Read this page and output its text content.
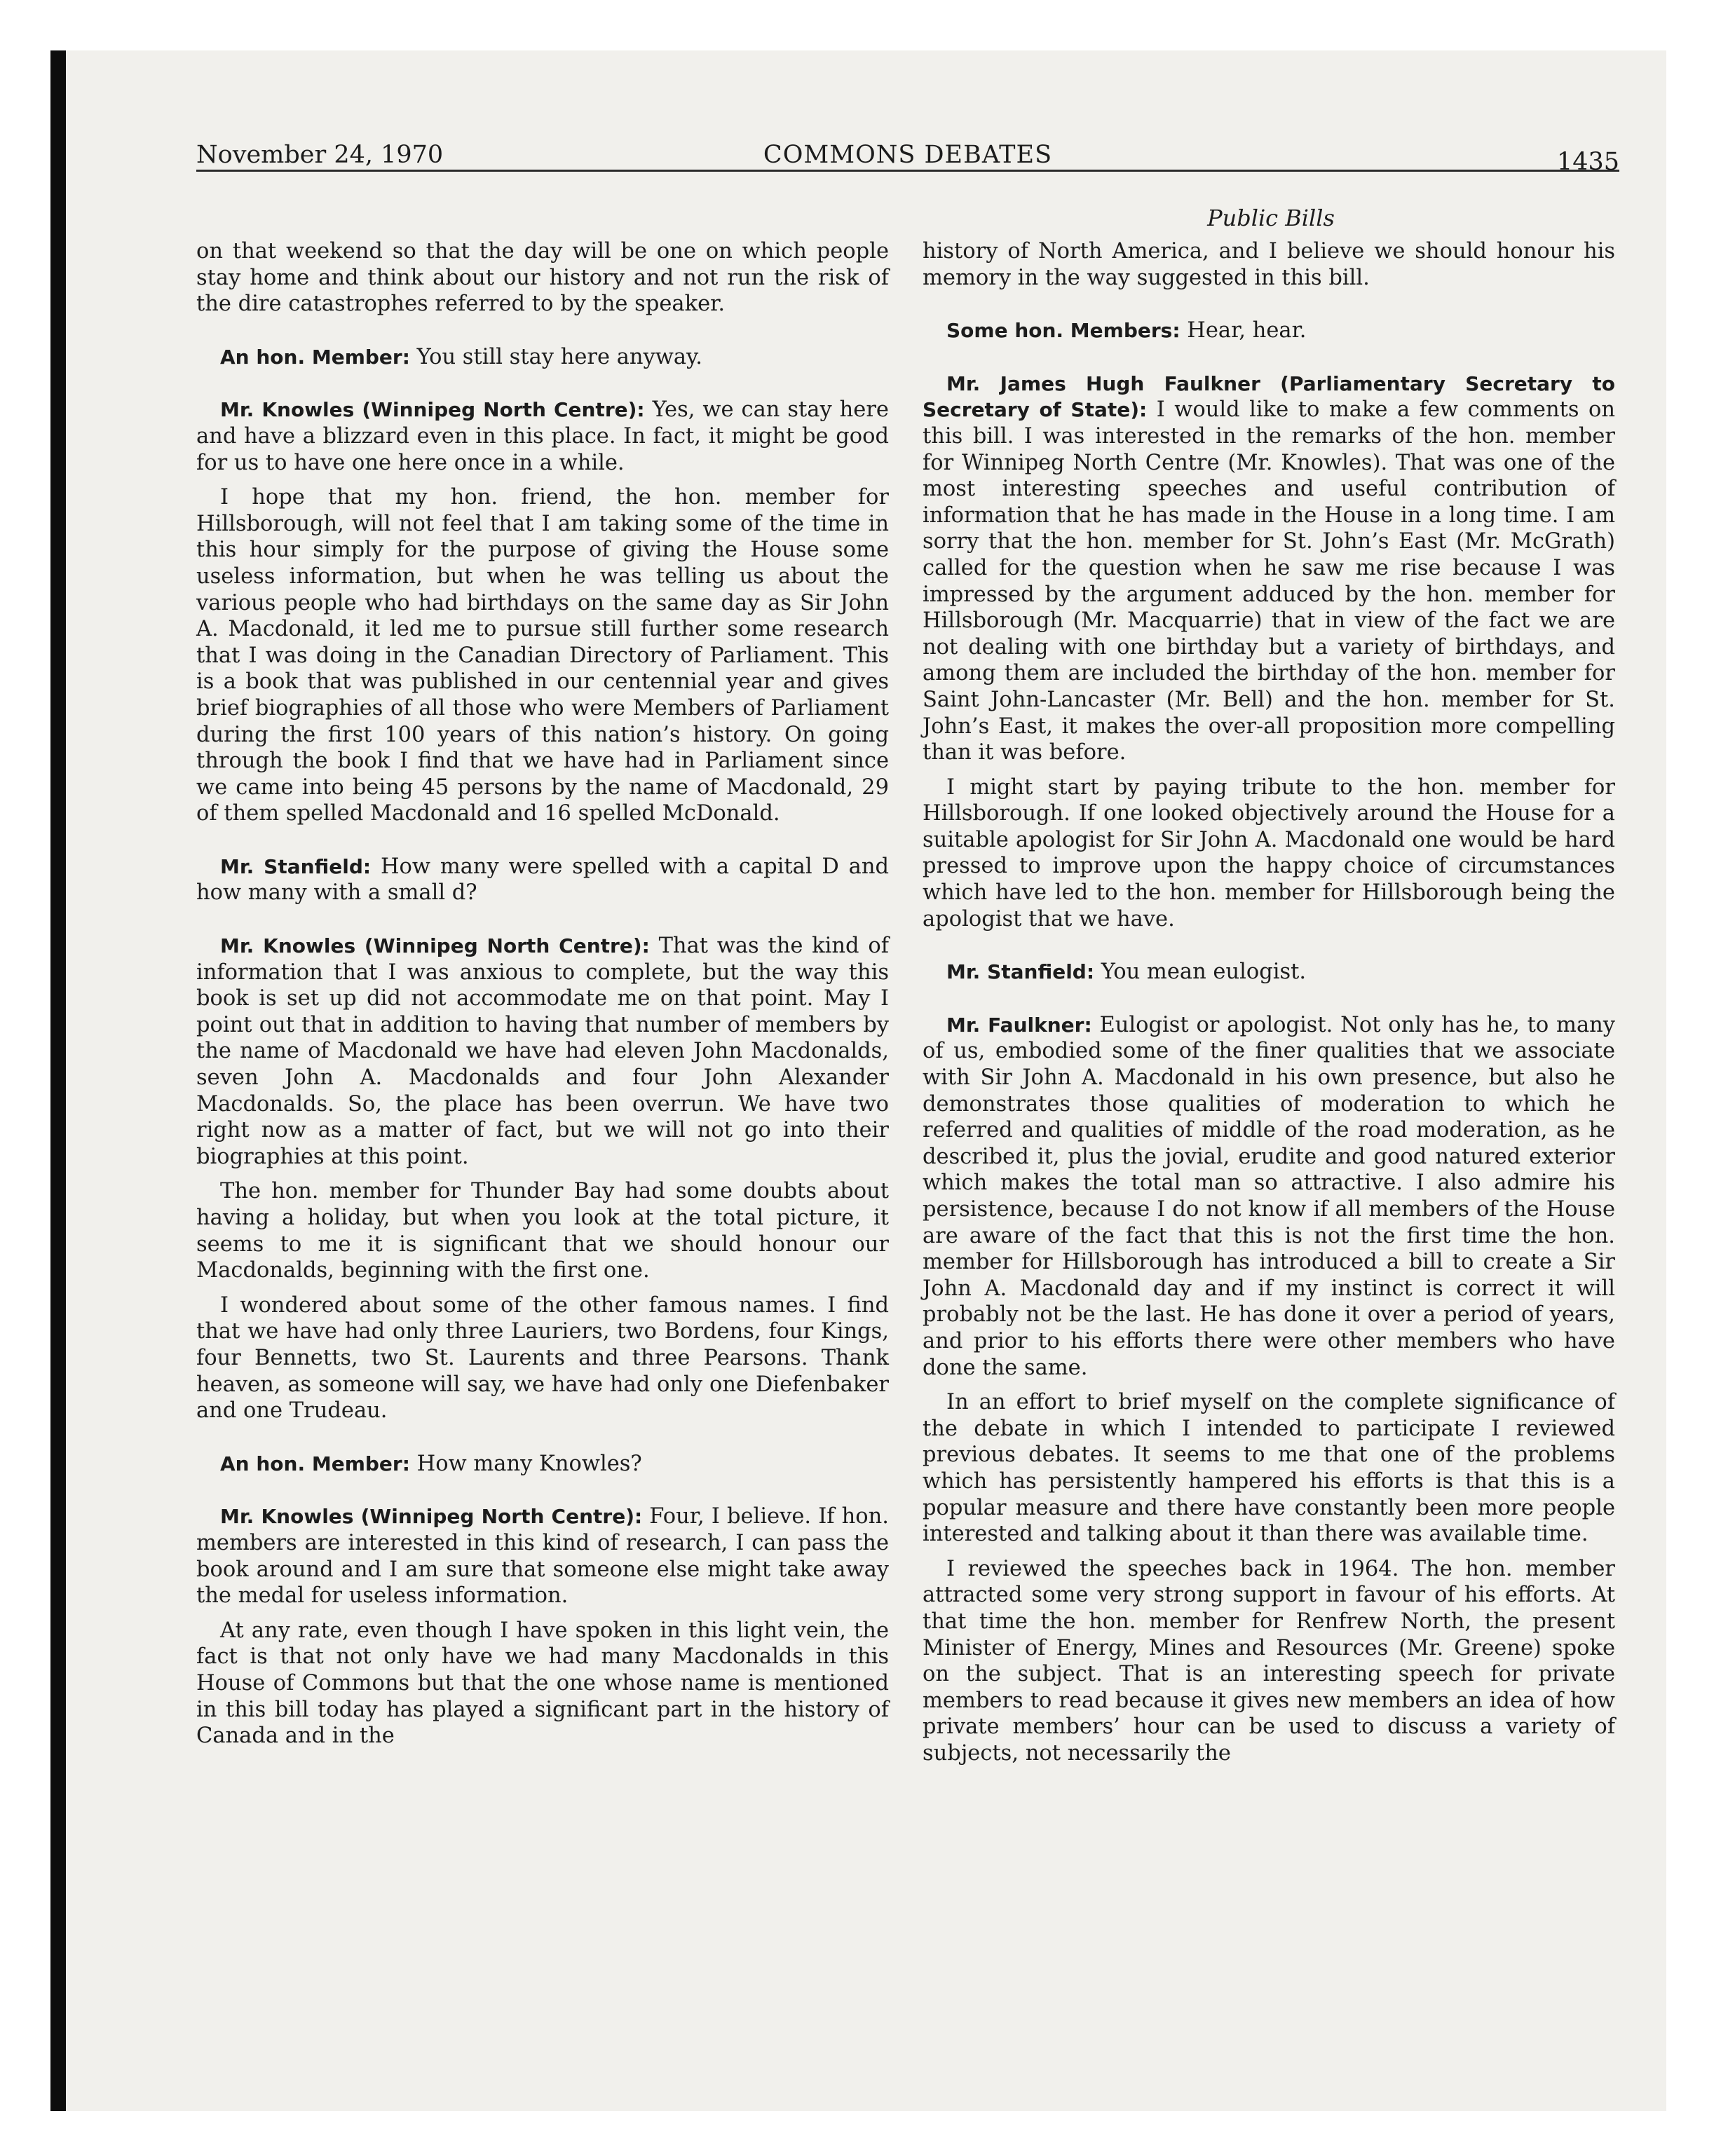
November 24, 1970	COMMONS DEBATES	1435
Public Bills

on that weekend so that the day will be one on which people stay home and think about our history and not run the risk of the dire catastrophes referred to by the speaker.

An hon. Member: You still stay here anyway.

Mr. Knowles (Winnipeg North Centre): Yes, we can stay here and have a blizzard even in this place. In fact, it might be good for us to have one here once in a while.

I hope that my hon. friend, the hon. member for Hillsborough, will not feel that I am taking some of the time in this hour simply for the purpose of giving the House some useless information, but when he was telling us about the various people who had birthdays on the same day as Sir John A. Macdonald, it led me to pursue still further some research that I was doing in the Canadian Directory of Parliament. This is a book that was published in our centennial year and gives brief biographies of all those who were Members of Parliament during the first 100 years of this nation’s history. On going through the book I find that we have had in Parliament since we came into being 45 persons by the name of Macdonald, 29 of them spelled Macdonald and 16 spelled McDonald.

Mr. Stanfield: How many were spelled with a capital D and how many with a small d?

Mr. Knowles (Winnipeg North Centre): That was the kind of information that I was anxious to complete, but the way this book is set up did not accommodate me on that point. May I point out that in addition to having that number of members by the name of Macdonald we have had eleven John Macdonalds, seven John A. Macdonalds and four John Alexander Macdonalds. So, the place has been overrun. We have two right now as a matter of fact, but we will not go into their biographies at this point.

The hon. member for Thunder Bay had some doubts about having a holiday, but when you look at the total picture, it seems to me it is significant that we should honour our Macdonalds, beginning with the first one.

I wondered about some of the other famous names. I find that we have had only three Lauriers, two Bordens, four Kings, four Bennetts, two St. Laurents and three Pearsons. Thank heaven, as someone will say, we have had only one Diefenbaker and one Trudeau.

An hon. Member: How many Knowles?

Mr. Knowles (Winnipeg North Centre): Four, I believe. If hon. members are interested in this kind of research, I can pass the book around and I am sure that someone else might take away the medal for useless information.

At any rate, even though I have spoken in this light vein, the fact is that not only have we had many Macdonalds in this House of Commons but that the one whose name is mentioned in this bill today has played a significant part in the history of Canada and in the

history of North America, and I believe we should honour his memory in the way suggested in this bill.

Some hon. Members: Hear, hear.

Mr. James Hugh Faulkner (Parliamentary Secretary to Secretary of State): I would like to make a few comments on this bill. I was interested in the remarks of the hon. member for Winnipeg North Centre (Mr. Knowles). That was one of the most interesting speeches and useful contribution of information that he has made in the House in a long time. I am sorry that the hon. member for St. John’s East (Mr. McGrath) called for the question when he saw me rise because I was impressed by the argument adduced by the hon. member for Hillsborough (Mr. Macquarrie) that in view of the fact we are not dealing with one birthday but a variety of birthdays, and among them are included the birthday of the hon. member for Saint John-Lancaster (Mr. Bell) and the hon. member for St. John’s East, it makes the over-all proposition more compelling than it was before.

I might start by paying tribute to the hon. member for Hillsborough. If one looked objectively around the House for a suitable apologist for Sir John A. Macdonald one would be hard pressed to improve upon the happy choice of circumstances which have led to the hon. member for Hillsborough being the apologist that we have.

Mr. Stanfield: You mean eulogist.

Mr. Faulkner: Eulogist or apologist. Not only has he, to many of us, embodied some of the finer qualities that we associate with Sir John A. Macdonald in his own presence, but also he demonstrates those qualities of moderation to which he referred and qualities of middle of the road moderation, as he described it, plus the jovial, erudite and good natured exterior which makes the total man so attractive. I also admire his persistence, because I do not know if all members of the House are aware of the fact that this is not the first time the hon. member for Hillsborough has introduced a bill to create a Sir John A. Macdonald day and if my instinct is correct it will probably not be the last. He has done it over a period of years, and prior to his efforts there were other members who have done the same.

In an effort to brief myself on the complete significance of the debate in which I intended to participate I reviewed previous debates. It seems to me that one of the problems which has persistently hampered his efforts is that this is a popular measure and there have constantly been more people interested and talking about it than there was available time.

I reviewed the speeches back in 1964. The hon. member attracted some very strong support in favour of his efforts. At that time the hon. member for Renfrew North, the present Minister of Energy, Mines and Resources (Mr. Greene) spoke on the subject. That is an interesting speech for private members to read because it gives new members an idea of how private members’ hour can be used to discuss a variety of subjects, not necessarily the
